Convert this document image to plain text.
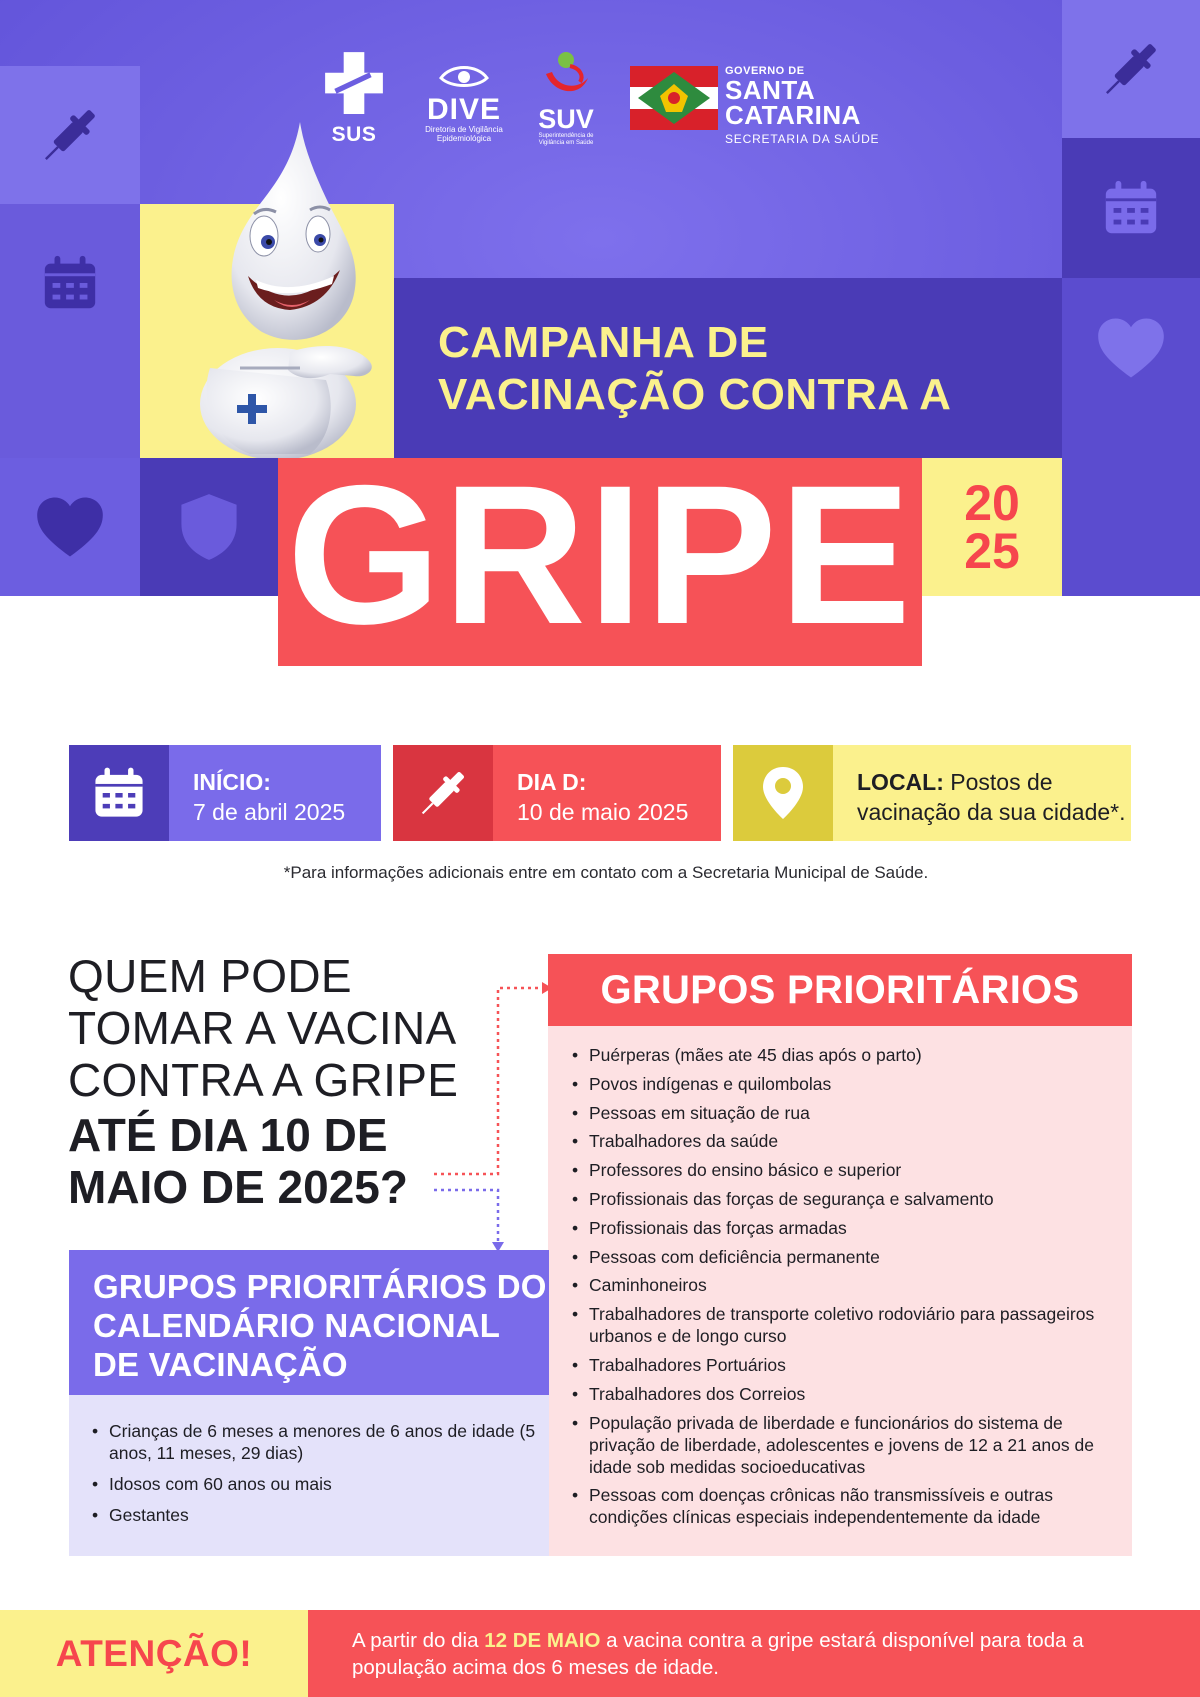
SUS
DIVE
Diretoria de Vigilância
Epidemiológica
SUV
Superintendência de
Vigilância em Saúde
GOVERNO DE
SANTA
CATARINA
SECRETARIA DA SAÚDE
CAMPANHA DE
VACINAÇÃO CONTRA A
GRIPE	20
25
INÍCIO:
7 de abril 2025
DIA D:
10 de maio 2025
LOCAL: Postos de
vacinação da sua cidade*.
*Para informações adicionais entre em contato com a Secretaria Municipal de Saúde.
QUEM PODE
TOMAR A VACINA
CONTRA A GRIPE
ATÉ DIA 10 DE
MAIO DE 2025?
GRUPOS PRIORITÁRIOS
• Puérperas (mães ate 45 dias após o parto)
• Povos indígenas e quilombolas
• Pessoas em situação de rua
• Trabalhadores da saúde
• Professores do ensino básico e superior
• Profissionais das forças de segurança e salvamento
• Profissionais das forças armadas
• Pessoas com deficiência permanente
• Caminhoneiros
• Trabalhadores de transporte coletivo rodoviário para passageiros urbanos e de longo curso
• Trabalhadores Portuários
• Trabalhadores dos Correios
• População privada de liberdade e funcionários do sistema de privação de liberdade, adolescentes e jovens de 12 a 21 anos de idade sob medidas socioeducativas
• Pessoas com doenças crônicas não transmissíveis e outras condições clínicas especiais independentemente da idade
GRUPOS PRIORITÁRIOS DO
CALENDÁRIO NACIONAL
DE VACINAÇÃO
• Crianças de 6 meses a menores de 6 anos de idade (5 anos, 11 meses, 29 dias)
• Idosos com 60 anos ou mais
• Gestantes
ATENÇÃO!	A partir do dia 12 DE MAIO a vacina contra a gripe estará disponível para toda a população acima dos 6 meses de idade.
